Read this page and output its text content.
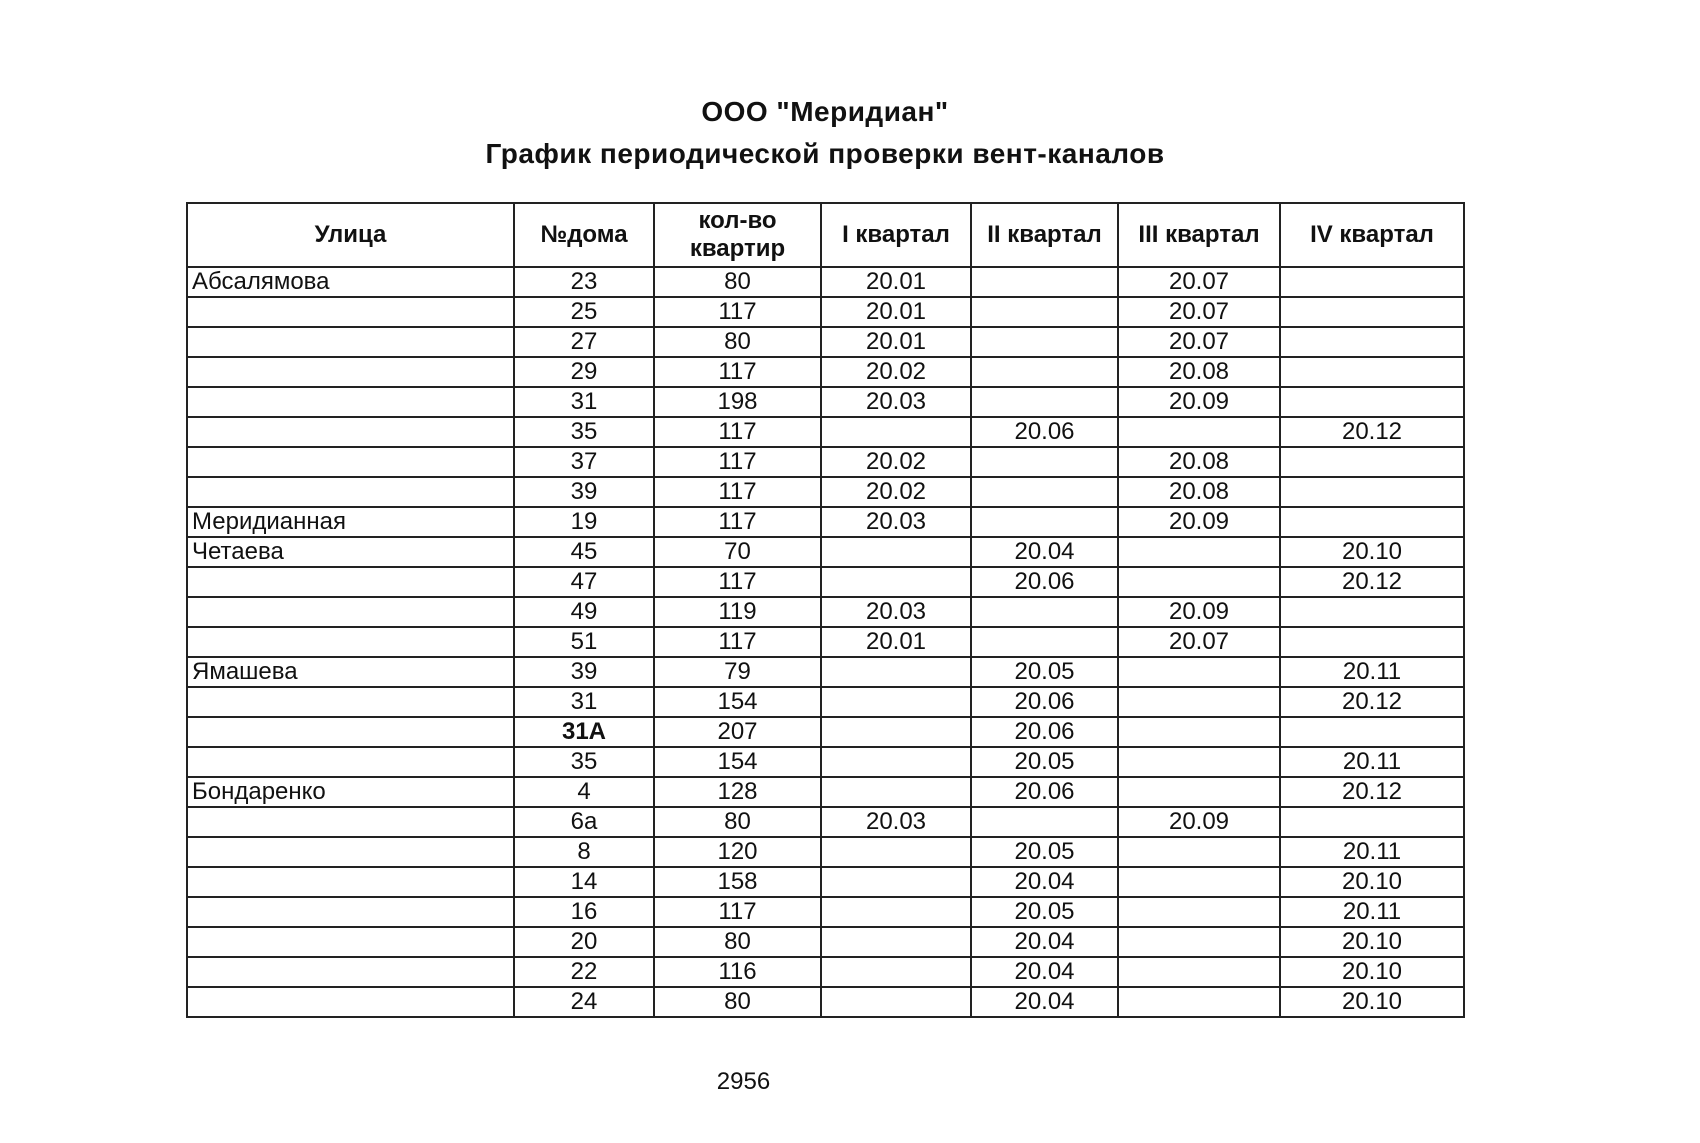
ООО "Меридиан"
График периодической проверки вент-каналов
Улица	№дома	кол-во квартир	I квартал	II квартал	III квартал	IV квартал
Абсалямова	23	80	20.01		20.07	
	25	117	20.01		20.07	
	27	80	20.01		20.07	
	29	117	20.02		20.08	
	31	198	20.03		20.09	
	35	117		20.06		20.12
	37	117	20.02		20.08	
	39	117	20.02		20.08	
Меридианная	19	117	20.03		20.09	
Четаева	45	70		20.04		20.10
	47	117		20.06		20.12
	49	119	20.03		20.09	
	51	117	20.01		20.07	
Ямашева	39	79		20.05		20.11
	31	154		20.06		20.12
	31А	207		20.06		
	35	154		20.05		20.11
Бондаренко	4	128		20.06		20.12
	6а	80	20.03		20.09	
	8	120		20.05		20.11
	14	158		20.04		20.10
	16	117		20.05		20.11
	20	80		20.04		20.10
	22	116		20.04		20.10
	24	80		20.04		20.10
2956
